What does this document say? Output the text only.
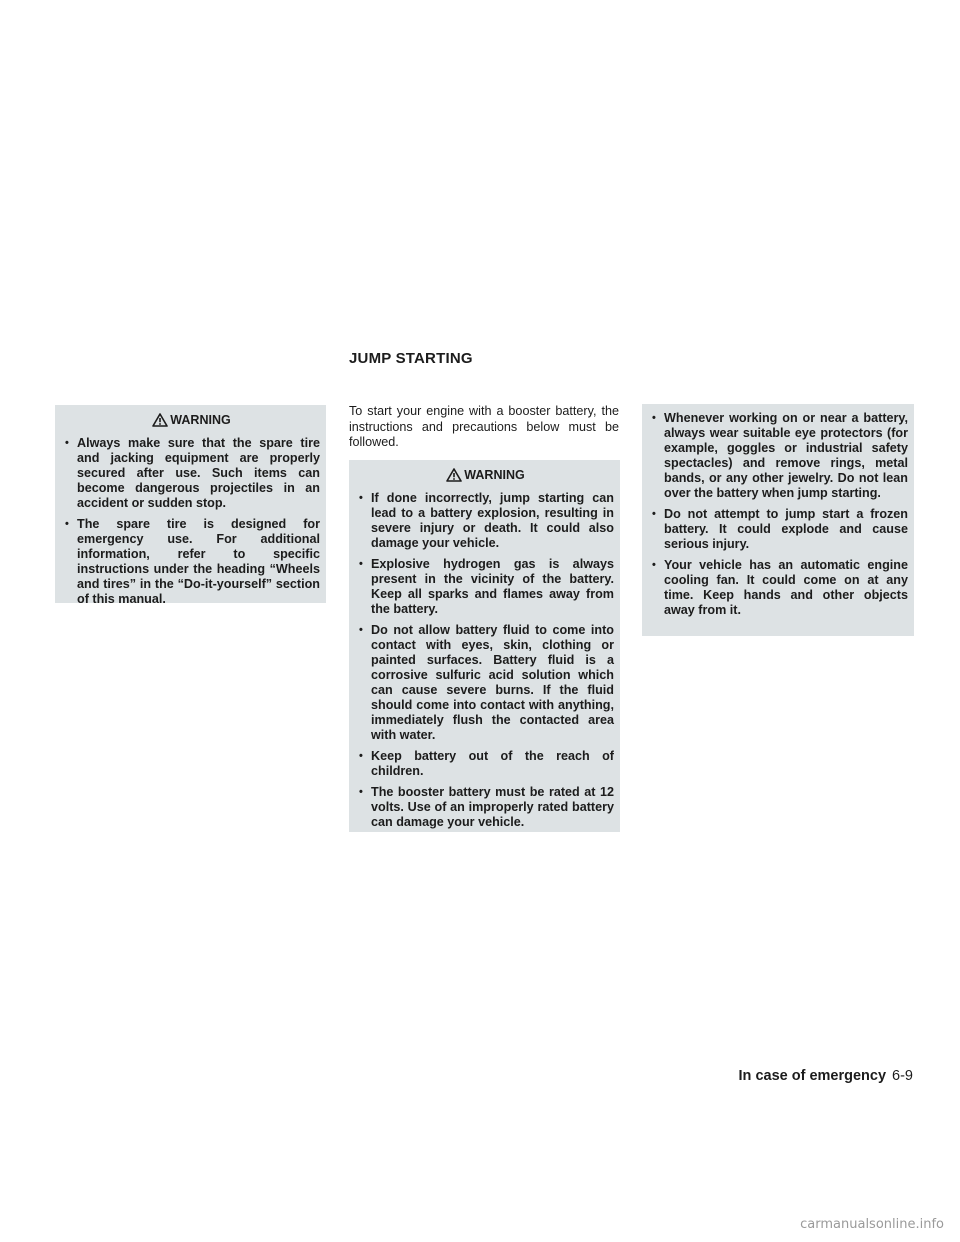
JUMP STARTING
WARNING
• Always make sure that the spare tire and jacking equipment are properly secured after use. Such items can become dangerous projectiles in an accident or sudden stop.
• The spare tire is designed for emergency use. For additional information, refer to specific instructions under the heading “Wheels and tires” in the “Do-it-yourself” section of this manual.

To start your engine with a booster battery, the instructions and precautions below must be followed.

WARNING
• If done incorrectly, jump starting can lead to a battery explosion, resulting in severe injury or death. It could also damage your vehicle.
• Explosive hydrogen gas is always present in the vicinity of the battery. Keep all sparks and flames away from the battery.
• Do not allow battery fluid to come into contact with eyes, skin, clothing or painted surfaces. Battery fluid is a corrosive sulfuric acid solution which can cause severe burns. If the fluid should come into contact with anything, immediately flush the contacted area with water.
• Keep battery out of the reach of children.
• The booster battery must be rated at 12 volts. Use of an improperly rated battery can damage your vehicle.
• Whenever working on or near a battery, always wear suitable eye protectors (for example, goggles or industrial safety spectacles) and remove rings, metal bands, or any other jewelry. Do not lean over the battery when jump starting.
• Do not attempt to jump start a frozen battery. It could explode and cause serious injury.
• Your vehicle has an automatic engine cooling fan. It could come on at any time. Keep hands and other objects away from it.
In case of emergency 6-9
carmanualsonline.info
